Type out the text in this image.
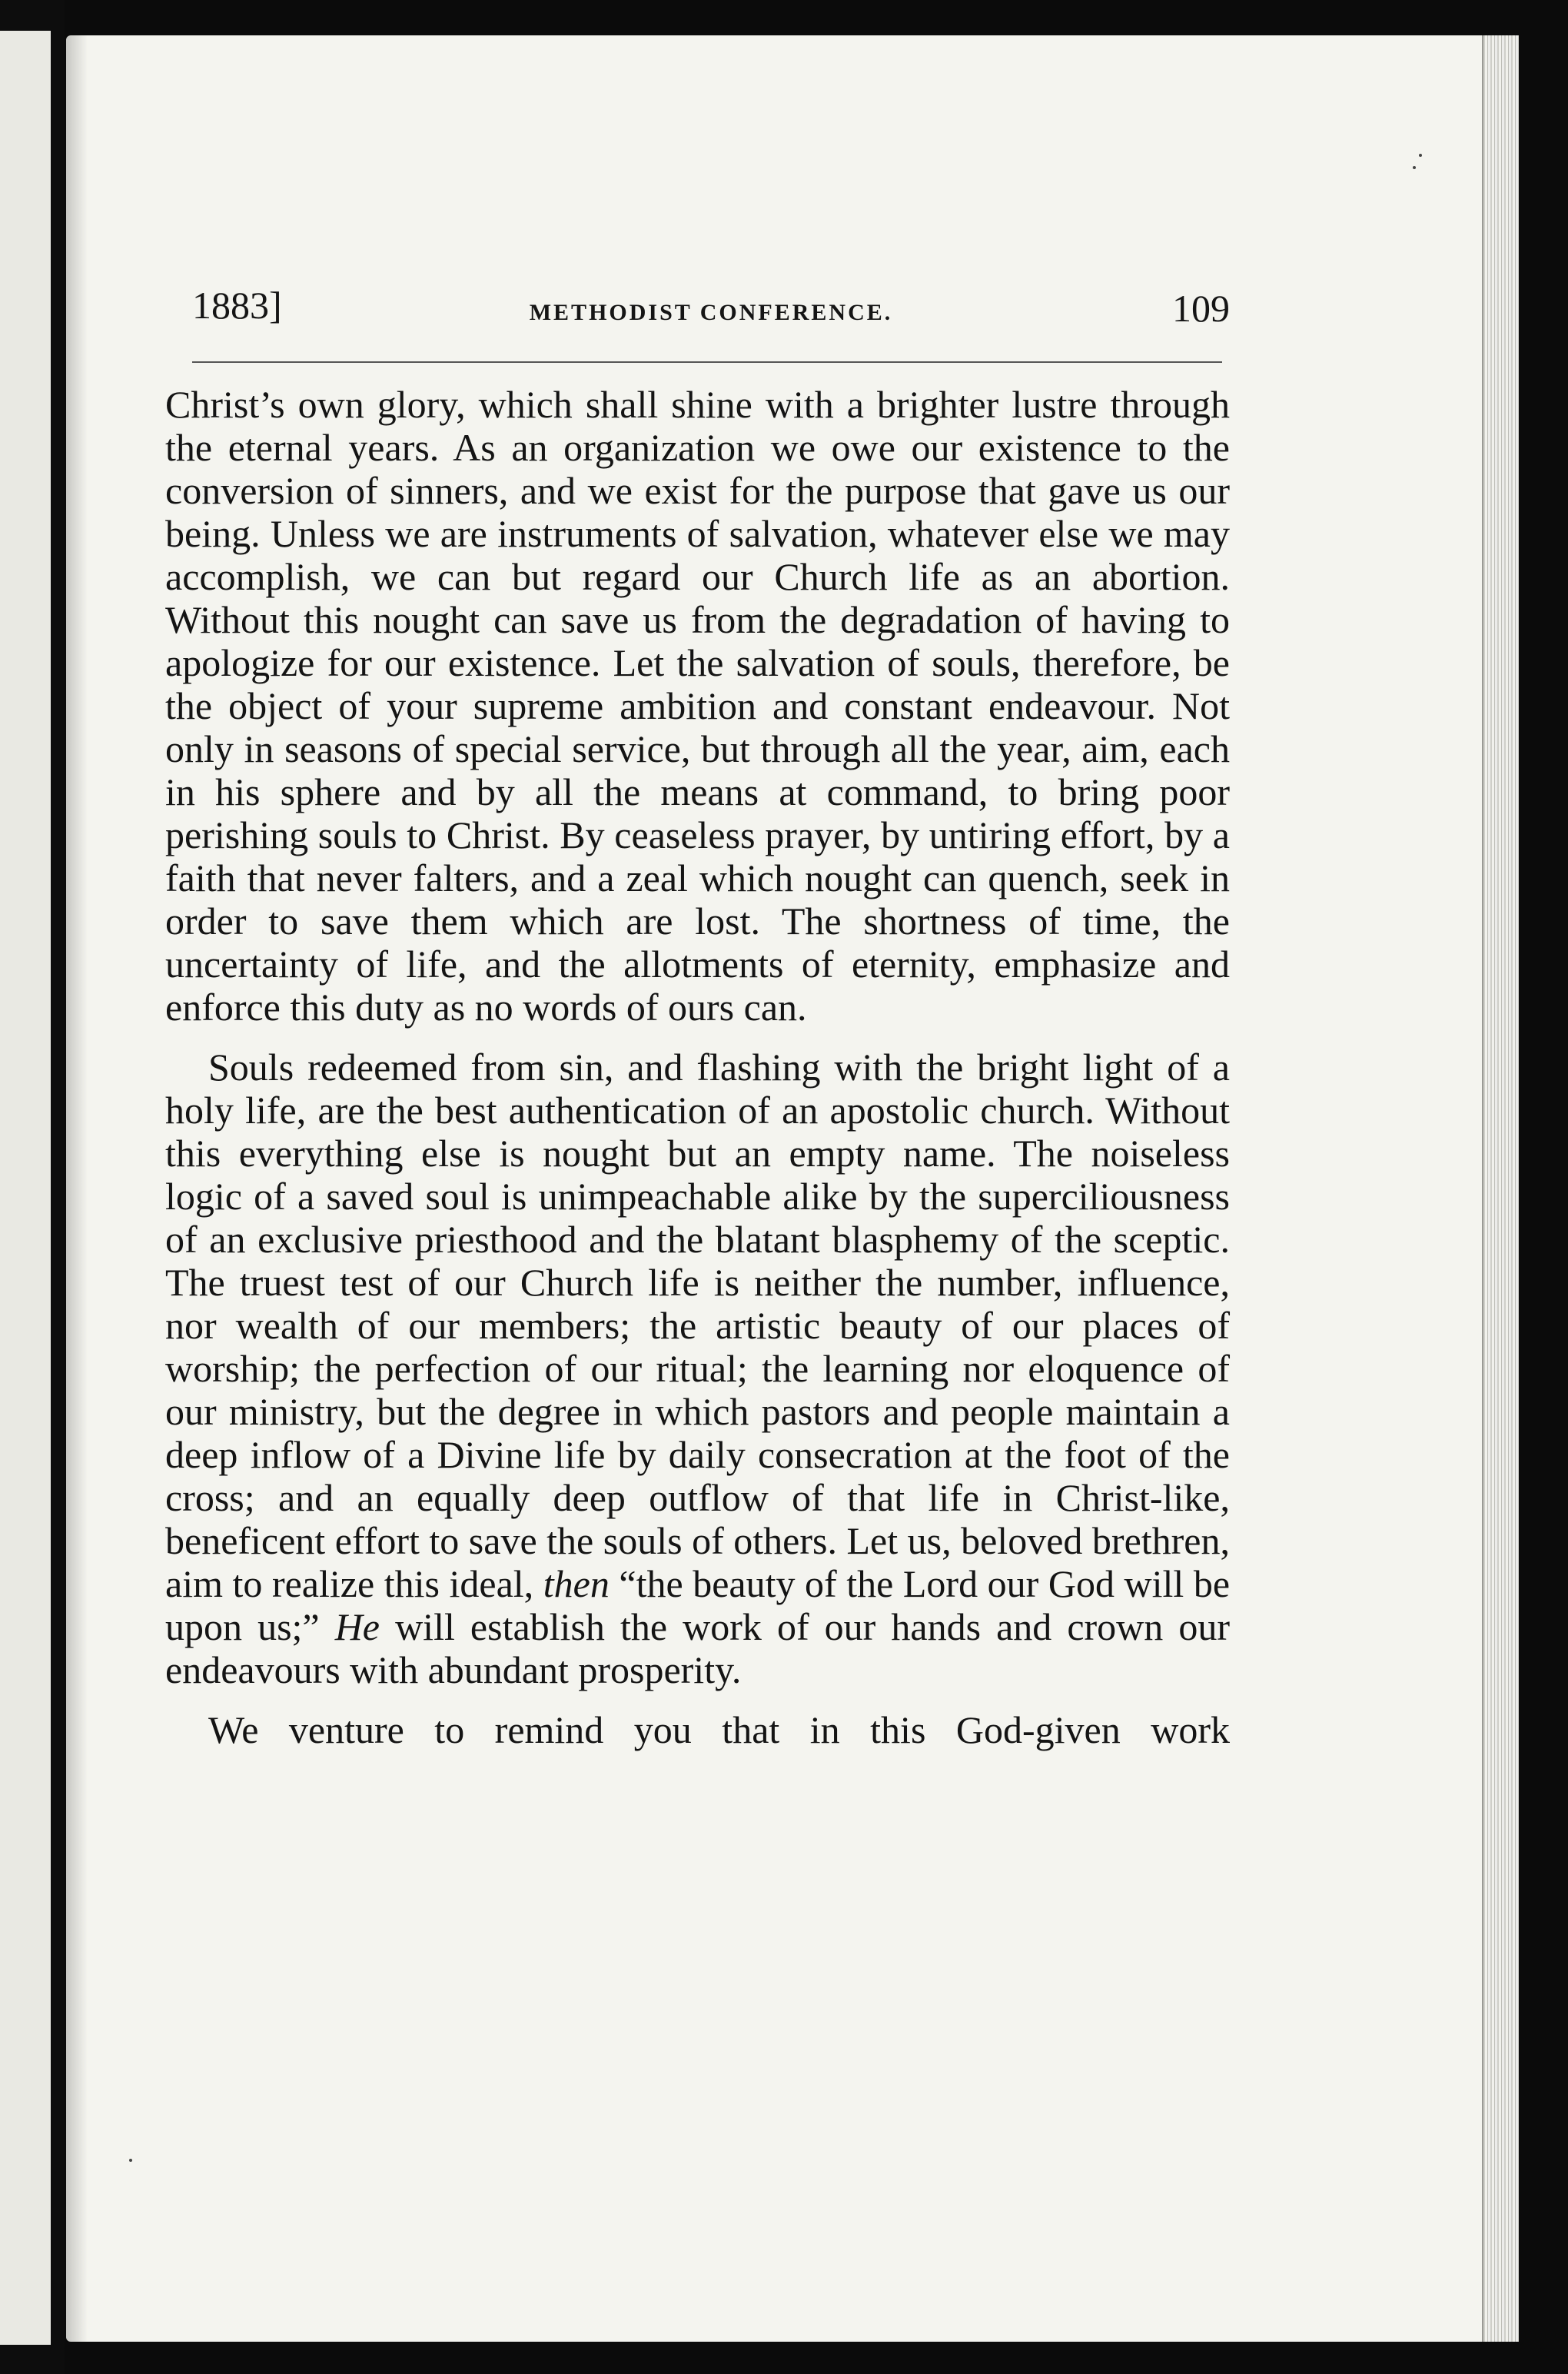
1883]	METHODIST CONFERENCE.	109

Christ’s own glory, which shall shine with a brighter lustre through the eternal years. As an organization we owe our existence to the conversion of sinners, and we exist for the purpose that gave us our being. Unless we are instruments of salvation, whatever else we may accomplish, we can but regard our Church life as an abortion. Without this nought can save us from the degradation of having to apologize for our existence. Let the salvation of souls, therefore, be the object of your supreme ambition and constant endeavour. Not only in seasons of special service, but through all the year, aim, each in his sphere and by all the means at command, to bring poor perishing souls to Christ. By ceaseless prayer, by untiring effort, by a faith that never falters, and a zeal which nought can quench, seek in order to save them which are lost. The shortness of time, the uncertainty of life, and the allotments of eternity, emphasize and enforce this duty as no words of ours can.

Souls redeemed from sin, and flashing with the bright light of a holy life, are the best authentication of an apostolic church. Without this everything else is nought but an empty name. The noiseless logic of a saved soul is unimpeachable alike by the superciliousness of an exclusive priesthood and the blatant blasphemy of the sceptic. The truest test of our Church life is neither the number, influence, nor wealth of our members; the artistic beauty of our places of worship; the perfection of our ritual; the learning nor eloquence of our ministry, but the degree in which pastors and people maintain a deep inflow of a Divine life by daily consecration at the foot of the cross; and an equally deep outflow of that life in Christ-like, beneficent effort to save the souls of others. Let us, beloved brethren, aim to realize this ideal, then “the beauty of the Lord our God will be upon us;” He will establish the work of our hands and crown our endeavours with abundant prosperity.

We venture to remind you that in this God-given work
